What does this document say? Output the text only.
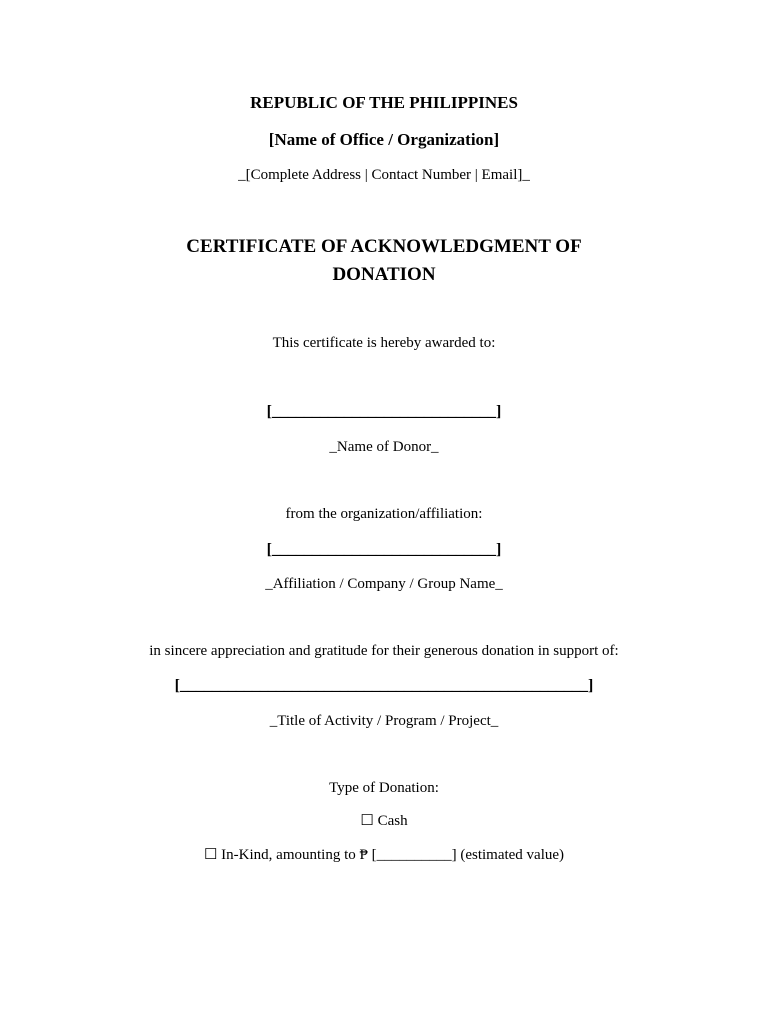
REPUBLIC OF THE PHILIPPINES
[Name of Office / Organization]
_[Complete Address | Contact Number | Email]_
CERTIFICATE OF ACKNOWLEDGMENT OF DONATION
This certificate is hereby awarded to:
[____________________________]
_Name of Donor_
from the organization/affiliation:
[____________________________]
_Affiliation / Company / Group Name_
in sincere appreciation and gratitude for their generous donation in support of:
[___________________________________________________]
_Title of Activity / Program / Project_
Type of Donation:
☐ Cash
☐ In-Kind, amounting to ₱ [__________] (estimated value)
